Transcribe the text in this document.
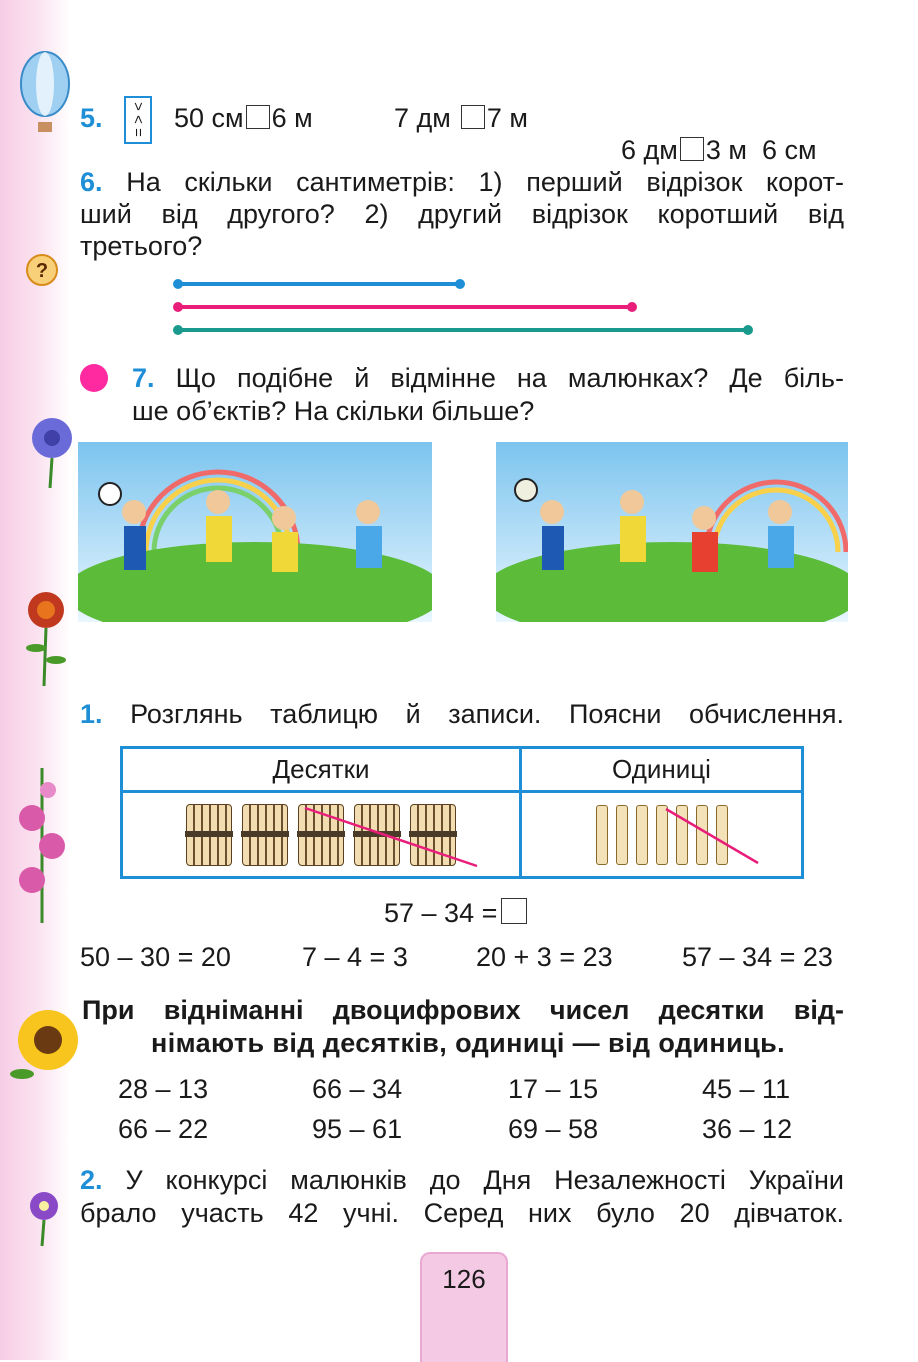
?
5. >
<
= 50 см 6 м	7 дм 7 м

6 дм 3 м  6 см

6. На скільки сантиметрів: 1) перший відрізок корот-
ший від другого? 2) другий відрізок коротший від
третього?
7. Що подібне й відмінне на малюнках? Де біль-
ше об’єктів? На скільки більше?
1. Розглянь таблицю й записи. Поясни обчислення.
Десятки	Одиниці

57 – 34 =
50 – 30 = 20	7 – 4 = 3	20 + 3 = 23	57 – 34 = 23
При відніманні двоцифрових чисел десятки від-
німають від десятків, одиниці — від одиниць.
28 – 13	66 – 34	17 – 15	45 – 11
66 – 22	95 – 61	69 – 58	36 – 12
2. У конкурсі малюнків до Дня Незалежності України
брало участь 42 учні. Серед них було 20 дівчаток.
126
